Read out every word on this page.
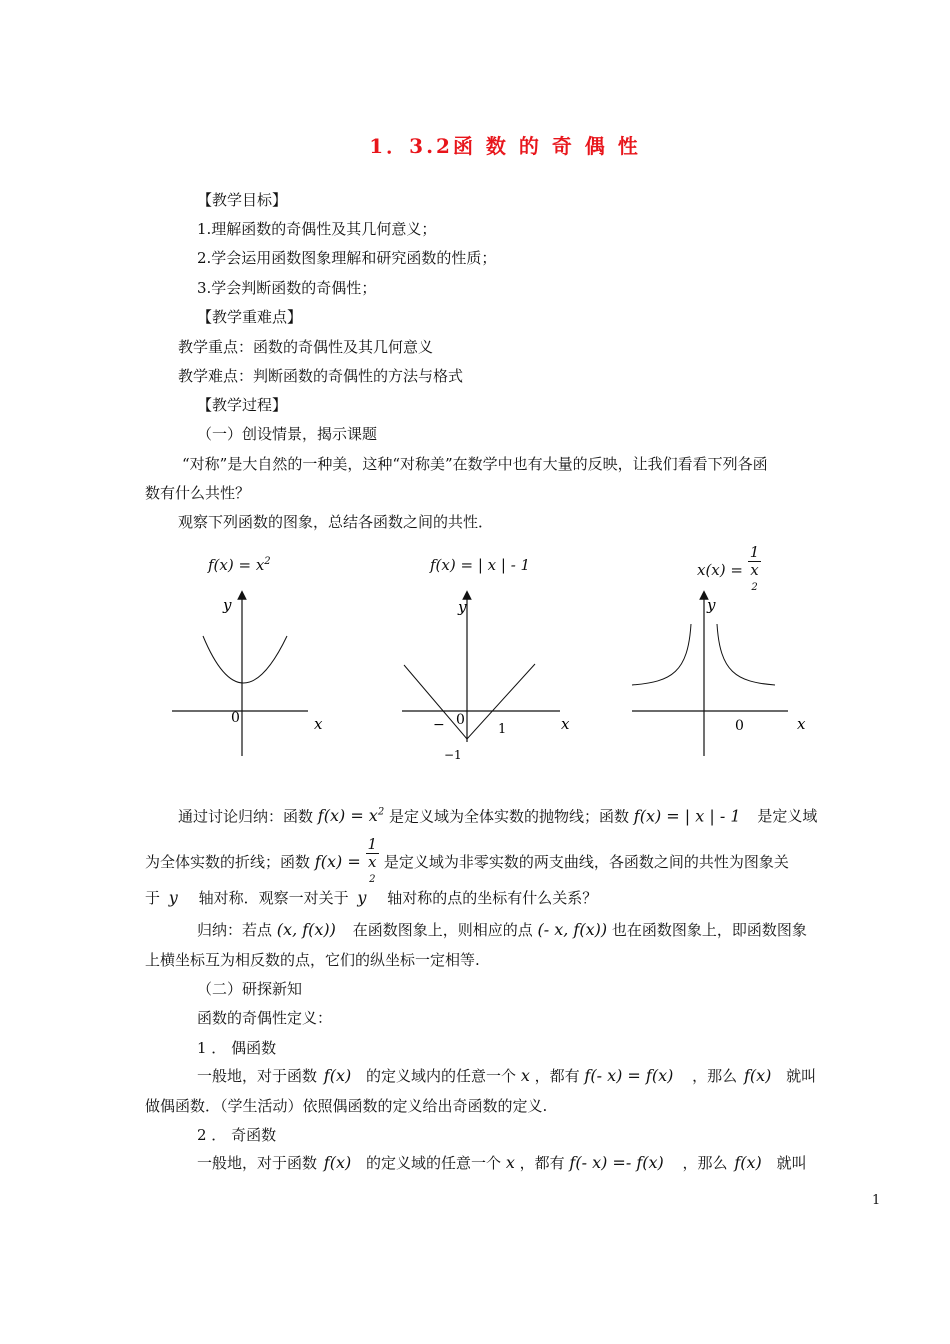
1．3.2函 数 的 奇 偶 性
【教学目标】
1.理解函数的奇偶性及其几何意义；
2.学会运用函数图象理解和研究函数的性质；
3.学会判断函数的奇偶性；
【教学重难点】
教学重点：函数的奇偶性及其几何意义
教学难点：判断函数的奇偶性的方法与格式
【教学过程】
（一）创设情景，揭示课题
“对称”是大自然的一种美，这种“对称美”在数学中也有大量的反映，让我们看看下列各函
数有什么共性？
观察下列函数的图象，总结各函数之间的共性．
$f(x) = x^2$	f(x) = | x | - 1	x(x) = 1
x
2
y
0	x
y
− 0
1
−1
x
y
0	x
通过讨论归纳：函数 $f(x) = x^2$ 是定义域为全体实数的抛物线；函数 f(x) = | x | - 1 是定义域
为全体实数的折线；函数 f(x) = 1
x
2 是定义域为非零实数的两支曲线，各函数之间的共性为图象关
于 y 轴对称．观察一对关于 y 轴对称的点的坐标有什么关系？
归纳：若点 (x, f(x)) 在函数图象上，则相应的点 (- x, f(x)) 也在函数图象上，即函数图象
上横坐标互为相反数的点，它们的纵坐标一定相等.
（二）研探新知
函数的奇偶性定义：
1 ． 偶函数
一般地，对于函数 f(x) 的定义域内的任意一个 x ，都有 f(- x) = f(x) ，那么 f(x) 就叫
做偶函数．（学生活动）依照偶函数的定义给出奇函数的定义.
2 ． 奇函数
一般地，对于函数 f(x) 的定义域的任意一个 x ，都有 f(- x) =- f(x) ，那么 f(x) 就叫
1
